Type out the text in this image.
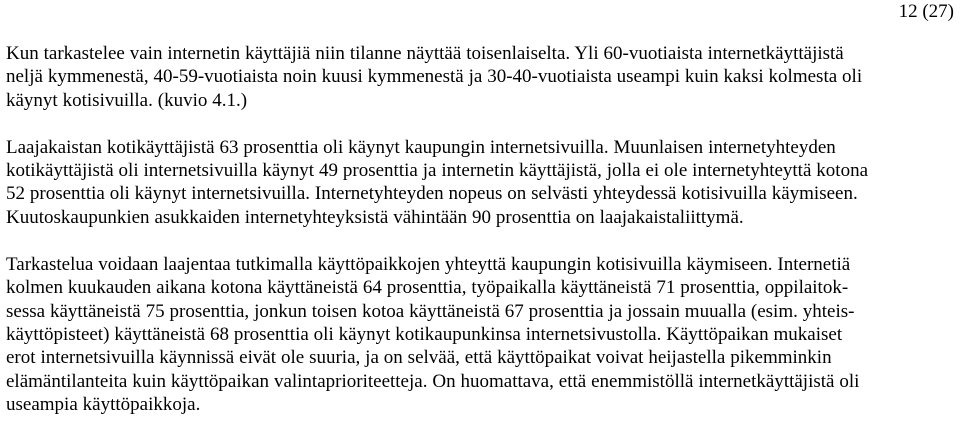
12 (27)

Kun tarkastelee vain internetin käyttäjiä niin tilanne näyttää toisenlaiselta. Yli 60-vuotiaista internetkäyttäjistä
neljä kymmenestä, 40-59-vuotiaista noin kuusi kymmenestä ja 30-40-vuotiaista useampi kuin kaksi kolmesta oli
käynyt kotisivuilla. (kuvio 4.1.)

Laajakaistan kotikäyttäjistä 63 prosenttia oli käynyt kaupungin internetsivuilla. Muunlaisen internetyhteyden
kotikäyttäjistä oli internetsivuilla käynyt 49 prosenttia ja internetin käyttäjistä, jolla ei ole internetyhteyttä kotona
52 prosenttia oli käynyt internetsivuilla. Internetyhteyden nopeus on selvästi yhteydessä kotisivuilla käymiseen.
Kuutoskaupunkien asukkaiden internetyhteyksistä vähintään 90 prosenttia on laajakaistaliittymä.

Tarkastelua voidaan laajentaa tutkimalla käyttöpaikkojen yhteyttä kaupungin kotisivuilla käymiseen. Internetiä
kolmen kuukauden aikana kotona käyttäneistä 64 prosenttia, työpaikalla käyttäneistä 71 prosenttia, oppilaitok-
sessa käyttäneistä 75 prosenttia, jonkun toisen kotoa käyttäneistä 67 prosenttia ja jossain muualla (esim. yhteis-
käyttöpisteet) käyttäneistä 68 prosenttia oli käynyt kotikaupunkinsa internetsivustolla. Käyttöpaikan mukaiset
erot internetsivuilla käynnissä eivät ole suuria, ja on selvää, että käyttöpaikat voivat heijastella pikemminkin
elämäntilanteita kuin käyttöpaikan valintaprioriteetteja. On huomattava, että enemmistöllä internetkäyttäjistä oli
useampia käyttöpaikkoja.
